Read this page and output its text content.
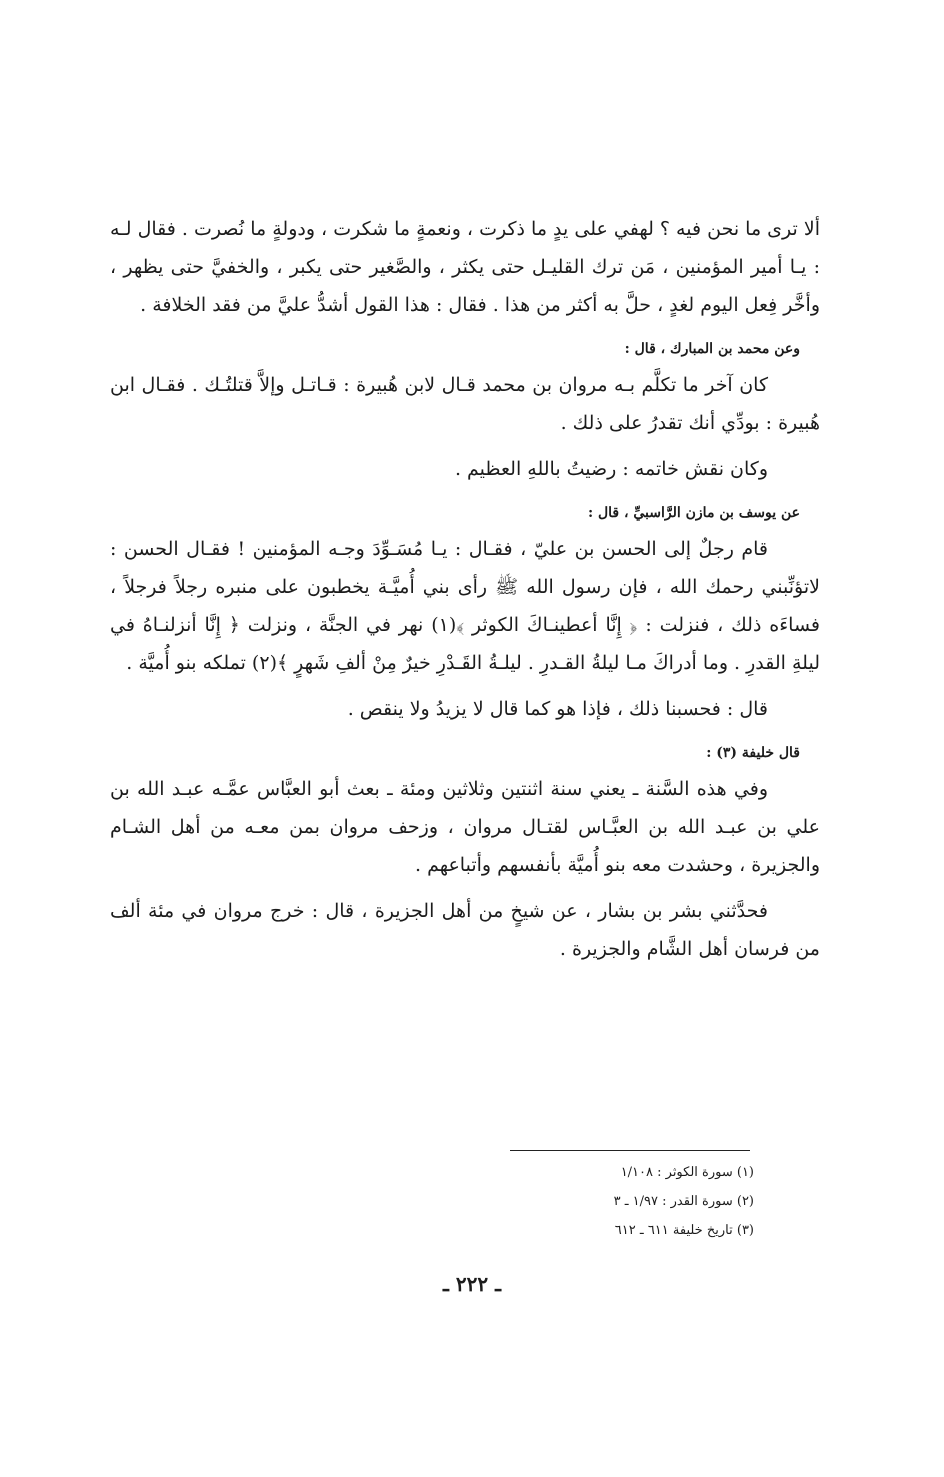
ألا ترى ما نحن فيه ؟ لهفي على يدٍ ما ذكرت ، ونعمةٍ ما شكرت ، ودولةٍ ما نُصرت . فقال لـه : يـا أمير المؤمنين ، مَن ترك القليـل حتى يكثر ، والصَّغير حتى يكبر ، والخفيَّ حتى يظهر ، وأخَّر فِعل اليوم لغدٍ ، حلَّ به أكثر من هذا . فقال : هذا القول أشدُّ عليَّ من فقد الخلافة .

وعن محمد بن المبارك ، قال :

كان آخر ما تكلَّم بـه مروان بن محمد قـال لابن هُبيرة : قـاتـل وإلاَّ قتلتُـك . فقـال ابن هُبيرة : بودِّي أنك تقدرُ على ذلك .

وكان نقش خاتمه : رضيتُ باللهِ العظيم .

عن يوسف بن مازن الرَّاسبيِّ ، قال :

قام رجلٌ إلى الحسن بن عليّ ، فقـال : يـا مُسَـوِّدَ وجـه المؤمنين ! فقـال الحسن : لاتؤنِّبني رحمك الله ، فإن رسول الله ﷺ رأى بني أُميَّـة يخطبون على منبره رجلاً فرجلاً ، فساءَه ذلك ، فنزلت : ﴿ إِنَّا أعطينـاكَ الكوثر ﴾(١) نهر في الجنَّة ، ونزلت ﴿ إِنَّا أنزلنـاهُ في ليلةِ القدرِ . وما أدراكَ مـا ليلةُ القـدرِ . ليلـةُ القَـدْرِ خيرٌ مِنْ ألفِ شَهرٍ ﴾(٢) تملكه بنو أُميَّة .

قال : فحسبنا ذلك ، فإذا هو كما قال لا يزيدُ ولا ينقص .

قال خليفة (٣) :

وفي هذه السَّنة ـ يعني سنة اثنتين وثلاثين ومئة ـ بعث أبو العبَّاس عمَّـه عبـد الله بن علي بن عبـد الله بن العبَّـاس لقتـال مروان ، وزحف مروان بمن معـه من أهل الشـام والجزيرة ، وحشدت معه بنو أُميَّة بأنفسهم وأتباعهم .

فحدَّثني بشر بن بشار ، عن شيخٍ من أهل الجزيرة ، قال : خرج مروان في مئة ألف من فرسان أهل الشَّام والجزيرة .

(١) سورة الكوثر : ١/١٠٨
(٢) سورة القدر : ١/٩٧ ـ ٣
(٣) تاريخ خليفة ٦١١ ـ ٦١٢
ـ ٢٢٢ ـ
